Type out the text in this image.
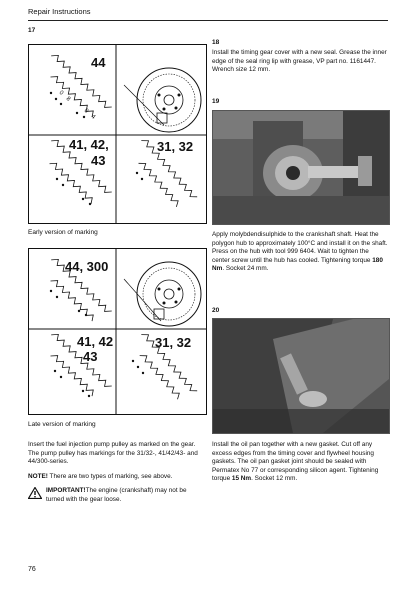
Repair Instructions
17
0
8
0
4
44
41, 42,
43
31, 32
Early version of marking
44, 300
41, 42
43
31, 32
Late version of marking

Insert the fuel injection pump pulley as marked on the gear. The pump pulley has markings for the 31/32-, 41/42/43- and 44/300-series.

NOTE! There are two types of marking, see above.

IMPORTANT!The engine (crankshaft) may not be turned with the gear loose.

18

Install the timing gear cover with a new seal. Grease the inner edge of the seal ring lip with grease, VP part no. 1161447.

Wrench size 12 mm.

19

Apply molybdendisulphide to the crankshaft shaft. Heat the polygon hub to approximately 100°C and install it on the shaft. Press on the hub with tool 999 6404. Wait to tighten the center screw until the hub has cooled. Tightening torque 180 Nm. Socket 24 mm.

20

Install the oil pan together with a new gasket. Cut off any excess edges from the timing cover and flywheel housing gaskets. The oil pan gasket joint should be sealed with Permatex No 77 or corresponding silicon agent. Tightening torque 15 Nm. Socket 12 mm.

76
